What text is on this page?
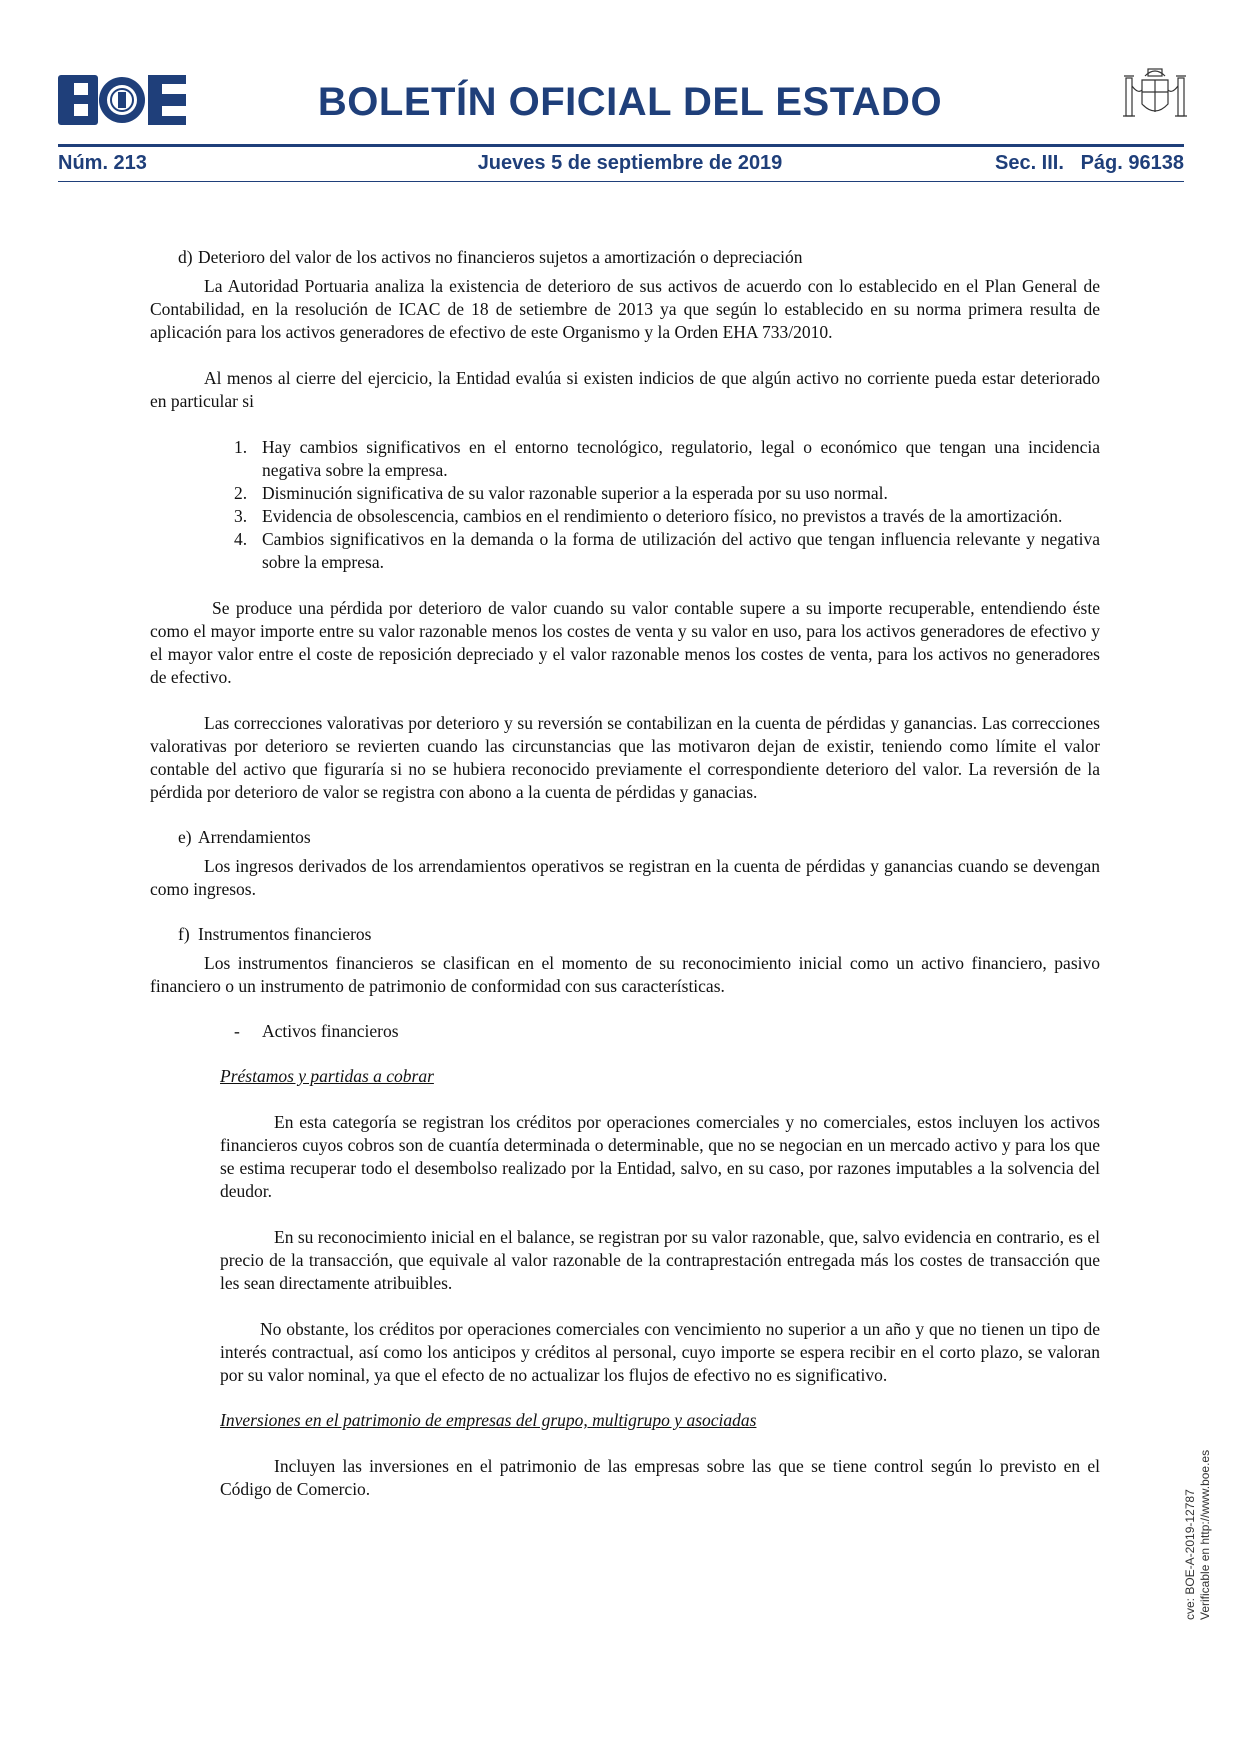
BOLETÍN OFICIAL DEL ESTADO
Núm. 213	Jueves 5 de septiembre de 2019	Sec. III.   Pág. 96138

d) Deterioro del valor de los activos no financieros sujetos a amortización o depreciación

La Autoridad Portuaria analiza la existencia de deterioro de sus activos de acuerdo con lo establecido en el Plan General de Contabilidad, en la resolución de ICAC de 18 de setiembre de 2013 ya que según lo establecido en su norma primera resulta de aplicación para los activos generadores de efectivo de este Organismo y la Orden EHA 733/2010.

Al menos al cierre del ejercicio, la Entidad evalúa si existen indicios de que algún activo no corriente pueda estar deteriorado en particular si

1. Hay cambios significativos en el entorno tecnológico, regulatorio, legal o económico que tengan una incidencia negativa sobre la empresa.
2. Disminución significativa de su valor razonable superior a la esperada por su uso normal.
3. Evidencia de obsolescencia, cambios en el rendimiento o deterioro físico, no previstos a través de la amortización.
4. Cambios significativos en la demanda o la forma de utilización del activo que tengan influencia relevante y negativa sobre la empresa.

Se produce una pérdida por deterioro de valor cuando su valor contable supere a su importe recuperable, entendiendo éste como el mayor importe entre su valor razonable menos los costes de venta y su valor en uso, para los activos generadores de efectivo y el mayor valor entre el coste de reposición depreciado y el valor razonable menos los costes de venta, para los activos no generadores de efectivo.

Las correcciones valorativas por deterioro y su reversión se contabilizan en la cuenta de pérdidas y ganancias. Las correcciones valorativas por deterioro se revierten cuando las circunstancias que las motivaron dejan de existir, teniendo como límite el valor contable del activo que figuraría si no se hubiera reconocido previamente el correspondiente deterioro del valor. La reversión de la pérdida por deterioro de valor se registra con abono a la cuenta de pérdidas y ganacias.

e) Arrendamientos

Los ingresos derivados de los arrendamientos operativos se registran en la cuenta de pérdidas y ganancias cuando se devengan como ingresos.

f) Instrumentos financieros

Los instrumentos financieros se clasifican en el momento de su reconocimiento inicial como un activo financiero, pasivo financiero o un instrumento de patrimonio de conformidad con sus características.

- Activos financieros

Préstamos y partidas a cobrar

En esta categoría se registran los créditos por operaciones comerciales y no comerciales, estos incluyen los activos financieros cuyos cobros son de cuantía determinada o determinable, que no se negocian en un mercado activo y para los que se estima recuperar todo el desembolso realizado por la Entidad, salvo, en su caso, por razones imputables a la solvencia del deudor.

En su reconocimiento inicial en el balance, se registran por su valor razonable, que, salvo evidencia en contrario, es el precio de la transacción, que equivale al valor razonable de la contraprestación entregada más los costes de transacción que les sean directamente atribuibles.

No obstante, los créditos por operaciones comerciales con vencimiento no superior a un año y que no tienen un tipo de interés contractual, así como los anticipos y créditos al personal, cuyo importe se espera recibir en el corto plazo, se valoran por su valor nominal, ya que el efecto de no actualizar los flujos de efectivo no es significativo.

Inversiones en el patrimonio de empresas del grupo, multigrupo y asociadas

Incluyen las inversiones en el patrimonio de las empresas sobre las que se tiene control según lo previsto en el Código de Comercio.

cve: BOE-A-2019-12787 Verificable en http://www.boe.es
